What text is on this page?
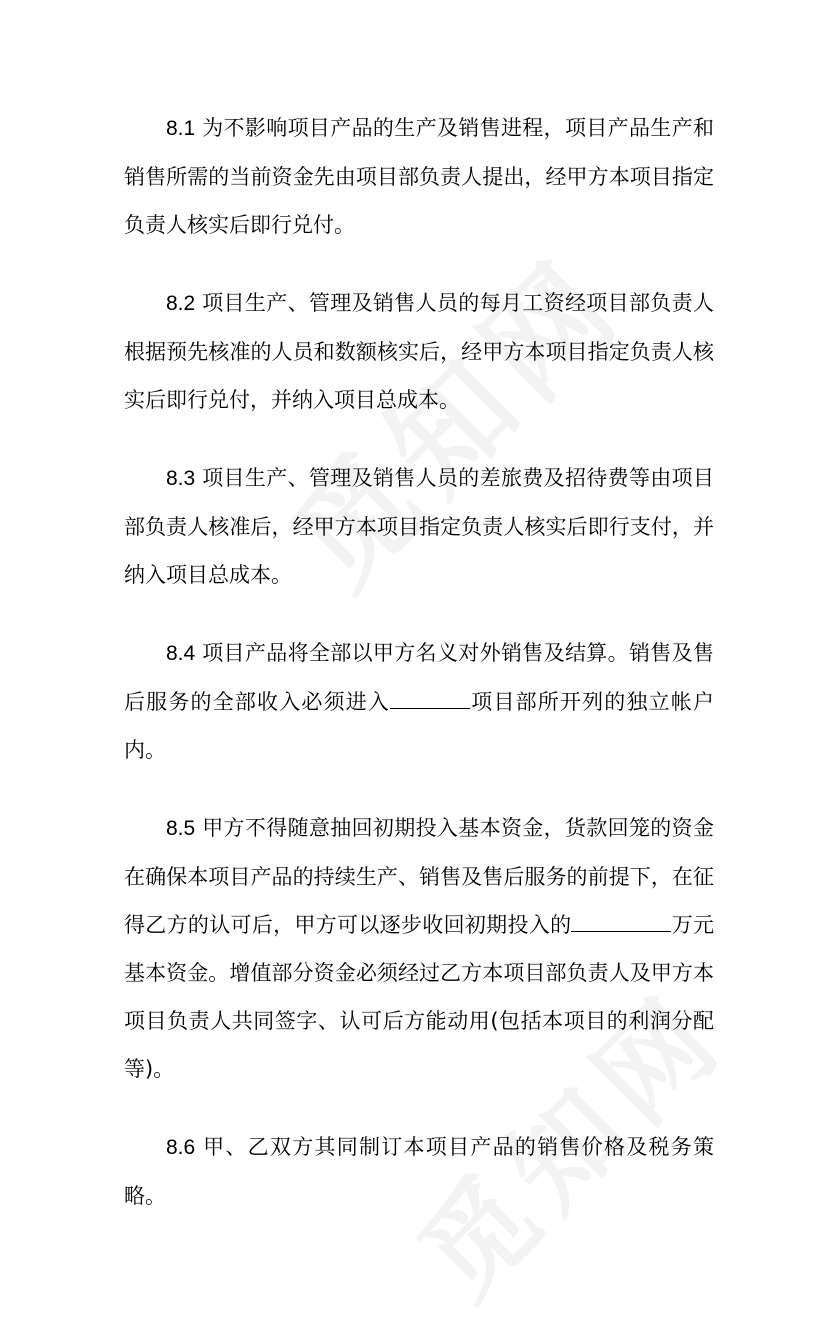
8.1 为不影响项目产品的生产及销售进程，项目产品生产和销售所需的当前资金先由项目部负责人提出，经甲方本项目指定负责人核实后即行兑付。

8.2 项目生产、管理及销售人员的每月工资经项目部负责人根据预先核准的人员和数额核实后，经甲方本项目指定负责人核实后即行兑付，并纳入项目总成本。

8.3 项目生产、管理及销售人员的差旅费及招待费等由项目部负责人核准后，经甲方本项目指定负责人核实后即行支付，并纳入项目总成本。

8.4 项目产品将全部以甲方名义对外销售及结算。销售及售后服务的全部收入必须进入	项目部所开列的独立帐户内。

8.5 甲方不得随意抽回初期投入基本资金，货款回笼的资金在确保本项目产品的持续生产、销售及售后服务的前提下，在征得乙方的认可后，甲方可以逐步收回初期投入的	万元基本资金。增值部分资金必须经过乙方本项目部负责人及甲方本项目负责人共同签字、认可后方能动用(包括本项目的利润分配等)。

8.6 甲、乙双方其同制订本项目产品的销售价格及税务策略。
